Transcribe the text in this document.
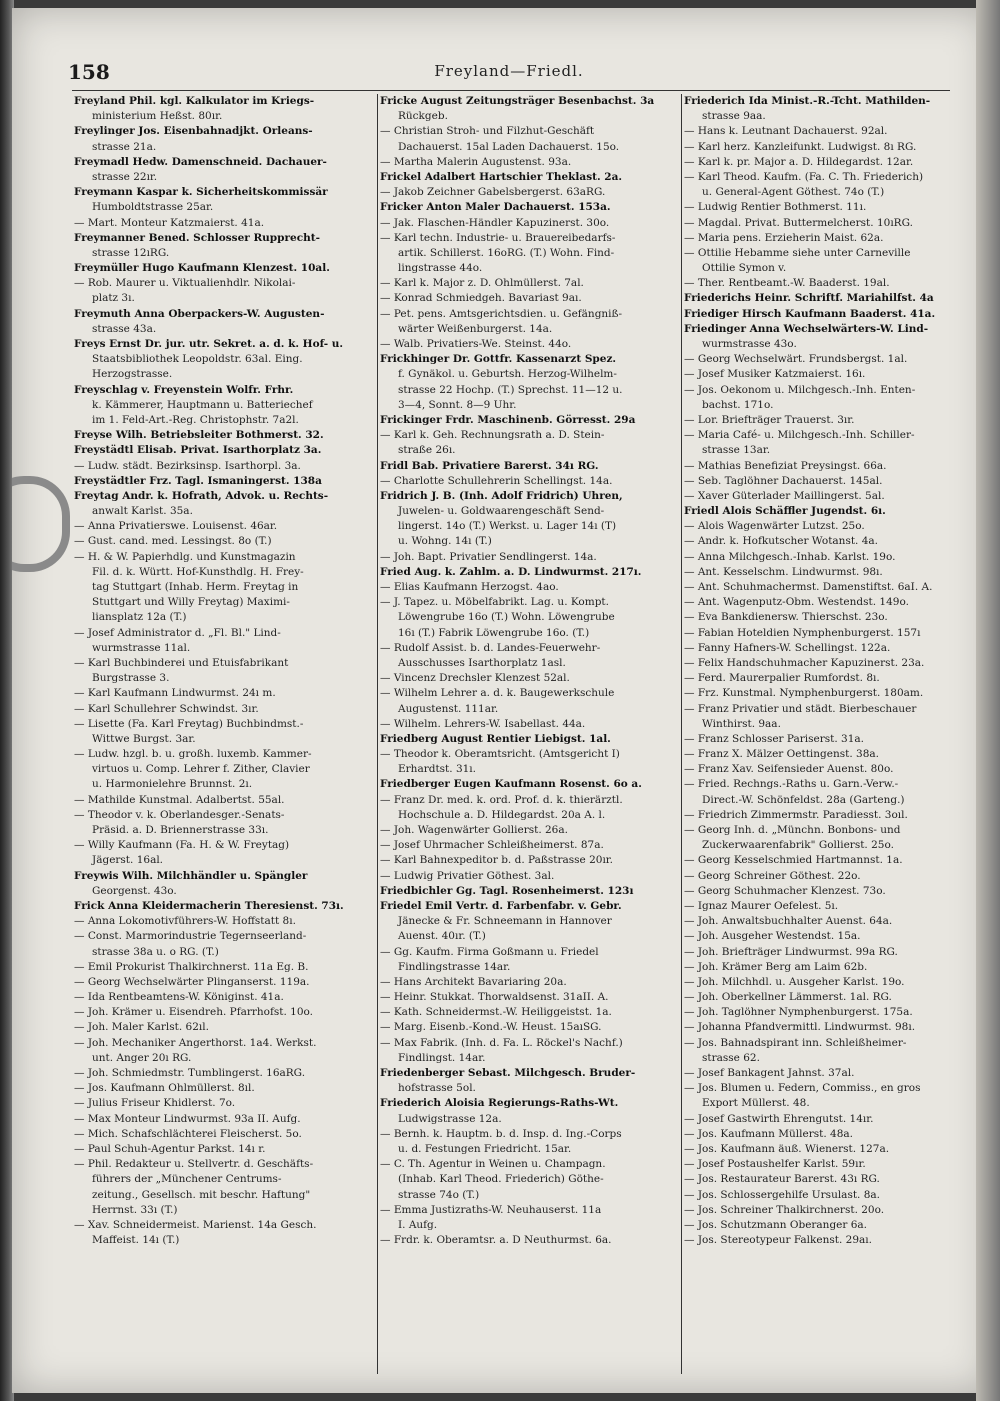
158	Freyland—Friedl.
Freyland Phil. kgl. Kalkulator im Kriegs-
ministerium Heßst. 80ır.
Freylinger Jos. Eisenbahnadjkt. Orleans-
strasse 21a.
Freymadl Hedw. Damenschneid. Dachauer-
strasse 22ır.
Freymann Kaspar k. Sicherheitskommissär
Humboldtstrasse 25ar.
— Mart. Monteur Katzmaierst. 41a.
Freymanner Bened. Schlosser Rupprecht-
strasse 12ıRG.
Freymüller Hugo Kaufmann Klenzest. 10al.
— Rob. Maurer u. Viktualienhdlr. Nikolai-
platz 3ı.
Freymuth Anna Oberpackers-W. Augusten-
strasse 43a.
Freys Ernst Dr. jur. utr. Sekret. a. d. k. Hof- u.
Staatsbibliothek Leopoldstr. 63al. Eing.
Herzogstrasse.
Freyschlag v. Freyenstein Wolfr. Frhr.
k. Kämmerer, Hauptmann u. Batteriechef
im 1. Feld-Art.-Reg. Christophstr. 7a2l.
Freyse Wilh. Betriebsleiter Bothmerst. 32.
Freystädtl Elisab. Privat. Isarthorplatz 3a.
— Ludw. städt. Bezirksinsp. Isarthorpl. 3a.
Freystädtler Frz. Tagl. Ismaningerst. 138a
Freytag Andr. k. Hofrath, Advok. u. Rechts-
anwalt Karlst. 35a.
— Anna Privatierswe. Louisenst. 46ar.
— Gust. cand. med. Lessingst. 8o (T.)
— H. & W. Papierhdlg. und Kunstmagazin
Fil. d. k. Württ. Hof-Kunsthdlg. H. Frey-
tag Stuttgart (Inhab. Herm. Freytag in
Stuttgart und Willy Freytag) Maximi-
liansplatz 12a (T.)
— Josef Administrator d. „Fl. Bl." Lind-
wurmstrasse 11al.
— Karl Buchbinderei und Etuisfabrikant
Burgstrasse 3.
— Karl Kaufmann Lindwurmst. 24ı m.
— Karl Schullehrer Schwindst. 3ır.
— Lisette (Fa. Karl Freytag) Buchbindmst.-
Wittwe Burgst. 3ar.
— Ludw. hzgl. b. u. großh. luxemb. Kammer-
virtuos u. Comp. Lehrer f. Zither, Clavier
u. Harmonielehre Brunnst. 2ı.
— Mathilde Kunstmal. Adalbertst. 55al.
— Theodor v. k. Oberlandesger.-Senats-
Präsid. a. D. Briennerstrasse 33ı.
— Willy Kaufmann (Fa. H. & W. Freytag)
Jägerst. 16al.
Freywis Wilh. Milchhändler u. Spängler
Georgenst. 43o.
Frick Anna Kleidermacherin Theresienst. 73ı.
— Anna Lokomotivführers-W. Hoffstatt 8ı.
— Const. Marmorindustrie Tegernseerland-
strasse 38a u. o RG. (T.)
— Emil Prokurist Thalkirchnerst. 11a Eg. B.
— Georg Wechselwärter Plinganserst. 119a.
— Ida Rentbeamtens-W. Königinst. 41a.
— Joh. Krämer u. Eisendreh. Pfarrhofst. 10o.
— Joh. Maler Karlst. 62ıl.
— Joh. Mechaniker Angerthorst. 1a4. Werkst.
unt. Anger 20ı RG.
— Joh. Schmiedmstr. Tumblingerst. 16aRG.
— Jos. Kaufmann Ohlmüllerst. 8ıl.
— Julius Friseur Khidlerst. 7o.
— Max Monteur Lindwurmst. 93a II. Aufg.
— Mich. Schafschlächterei Fleischerst. 5o.
— Paul Schuh-Agentur Parkst. 14ı r.
— Phil. Redakteur u. Stellvertr. d. Geschäfts-
führers der „Münchener Centrums-
zeitung., Gesellsch. mit beschr. Haftung"
Herrnst. 33ı (T.)
— Xav. Schneidermeist. Marienst. 14a Gesch.
Maffeist. 14ı (T.)
Fricke August Zeitungsträger Besenbachst. 3a
Rückgeb.
— Christian Stroh- und Filzhut-Geschäft
Dachauerst. 15al Laden Dachauerst. 15o.
— Martha Malerin Augustenst. 93a.
Frickel Adalbert Hartschier Theklast. 2a.
— Jakob Zeichner Gabelsbergerst. 63aRG.
Fricker Anton Maler Dachauerst. 153a.
— Jak. Flaschen-Händler Kapuzinerst. 30o.
— Karl techn. Industrie- u. Brauereibedarfs-
artik. Schillerst. 16oRG. (T.) Wohn. Find-
lingstrasse 44o.
— Karl k. Major z. D. Ohlmüllerst. 7al.
— Konrad Schmiedgeh. Bavariast 9aı.
— Pet. pens. Amtsgerichtsdien. u. Gefängniß-
wärter Weißenburgerst. 14a.
— Walb. Privatiers-We. Steinst. 44o.
Frickhinger Dr. Gottfr. Kassenarzt Spez.
f. Gynäkol. u. Geburtsh. Herzog-Wilhelm-
strasse 22 Hochp. (T.) Sprechst. 11—12 u.
3—4, Sonnt. 8—9 Uhr.
Frickinger Frdr. Maschinenb. Görresst. 29a
— Karl k. Geh. Rechnungsrath a. D. Stein-
straße 26ı.
Fridl Bab. Privatiere Barerst. 34ı RG.
— Charlotte Schullehrerin Schellingst. 14a.
Fridrich J. B. (Inh. Adolf Fridrich) Uhren,
Juwelen- u. Goldwaarengeschäft Send-
lingerst. 14o (T.) Werkst. u. Lager 14ı (T)
u. Wohng. 14ı (T.)
— Joh. Bapt. Privatier Sendlingerst. 14a.
Fried Aug. k. Zahlm. a. D. Lindwurmst. 217ı.
— Elias Kaufmann Herzogst. 4ao.
— J. Tapez. u. Möbelfabrikt. Lag. u. Kompt.
Löwengrube 16o (T.) Wohn. Löwengrube
16ı (T.) Fabrik Löwengrube 16o. (T.)
— Rudolf Assist. b. d. Landes-Feuerwehr-
Ausschusses Isarthorplatz 1asl.
— Vincenz Drechsler Klenzest 52al.
— Wilhelm Lehrer a. d. k. Baugewerkschule
Augustenst. 111ar.
— Wilhelm. Lehrers-W. Isabellast. 44a.
Friedberg August Rentier Liebigst. 1al.
— Theodor k. Oberamtsricht. (Amtsgericht I)
Erhardtst. 31ı.
Friedberger Eugen Kaufmann Rosenst. 6o a.
— Franz Dr. med. k. ord. Prof. d. k. thierärztl.
Hochschule a. D. Hildegardst. 20a A. l.
— Joh. Wagenwärter Gollierst. 26a.
— Josef Uhrmacher Schleißheimerst. 87a.
— Karl Bahnexpeditor b. d. Paßstrasse 20ır.
— Ludwig Privatier Göthest. 3al.
Friedbichler Gg. Tagl. Rosenheimerst. 123ı
Friedel Emil Vertr. d. Farbenfabr. v. Gebr.
Jänecke & Fr. Schneemann in Hannover
Auenst. 40ır. (T.)
— Gg. Kaufm. Firma Goßmann u. Friedel
Findlingstrasse 14ar.
— Hans Architekt Bavariaring 20a.
— Heinr. Stukkat. Thorwaldsenst. 31aII. A.
— Kath. Schneidermst.-W. Heiliggeistst. 1a.
— Marg. Eisenb.-Kond.-W. Heust. 15aıSG.
— Max Fabrik. (Inh. d. Fa. L. Röckel's Nachf.)
Findlingst. 14ar.
Friedenberger Sebast. Milchgesch. Bruder-
hofstrasse 5ol.
Friederich Aloisia Regierungs-Raths-Wt.
Ludwigstrasse 12a.
— Bernh. k. Hauptm. b. d. Insp. d. Ing.-Corps
u. d. Festungen Friedricht. 15ar.
— C. Th. Agentur in Weinen u. Champagn.
(Inhab. Karl Theod. Friederich) Göthe-
strasse 74o (T.)
— Emma Justizraths-W. Neuhauserst. 11a
I. Aufg.
— Frdr. k. Oberamtsr. a. D Neuthurmst. 6a.
Friederich Ida Minist.-R.-Tcht. Mathilden-
strasse 9aa.
— Hans k. Leutnant Dachauerst. 92al.
— Karl herz. Kanzleifunkt. Ludwigst. 8ı RG.
— Karl k. pr. Major a. D. Hildegardst. 12ar.
— Karl Theod. Kaufm. (Fa. C. Th. Friederich)
u. General-Agent Göthest. 74o (T.)
— Ludwig Rentier Bothmerst. 11ı.
— Magdal. Privat. Buttermelcherst. 10ıRG.
— Maria pens. Erzieherin Maist. 62a.
— Ottilie Hebamme siehe unter Carneville
Ottilie Symon v.
— Ther. Rentbeamt.-W. Baaderst. 19al.
Friederichs Heinr. Schriftf. Mariahilfst. 4a
Friediger Hirsch Kaufmann Baaderst. 41a.
Friedinger Anna Wechselwärters-W. Lind-
wurmstrasse 43o.
— Georg Wechselwärt. Frundsbergst. 1al.
— Josef Musiker Katzmaierst. 16ı.
— Jos. Oekonom u. Milchgesch.-Inh. Enten-
bachst. 171o.
— Lor. Briefträger Trauerst. 3ır.
— Maria Café- u. Milchgesch.-Inh. Schiller-
strasse 13ar.
— Mathias Benefiziat Preysingst. 66a.
— Seb. Taglöhner Dachauerst. 145al.
— Xaver Güterlader Maillingerst. 5al.
Friedl Alois Schäffler Jugendst. 6ı.
— Alois Wagenwärter Lutzst. 25o.
— Andr. k. Hofkutscher Wotanst. 4a.
— Anna Milchgesch.-Inhab. Karlst. 19o.
— Ant. Kesselschm. Lindwurmst. 98ı.
— Ant. Schuhmachermst. Damenstiftst. 6aI. A.
— Ant. Wagenputz-Obm. Westendst. 149o.
— Eva Bankdienersw. Thierschst. 23o.
— Fabian Hoteldien Nymphenburgerst. 157ı
— Fanny Hafners-W. Schellingst. 122a.
— Felix Handschuhmacher Kapuzinerst. 23a.
— Ferd. Maurerpalier Rumfordst. 8ı.
— Frz. Kunstmal. Nymphenburgerst. 180am.
— Franz Privatier und städt. Bierbeschauer
Winthirst. 9aa.
— Franz Schlosser Pariserst. 31a.
— Franz X. Mälzer Oettingenst. 38a.
— Franz Xav. Seifensieder Auenst. 80o.
— Fried. Rechngs.-Raths u. Garn.-Verw.-
Direct.-W. Schönfeldst. 28a (Garteng.)
— Friedrich Zimmermstr. Paradiesst. 3oıl.
— Georg Inh. d. „Münchn. Bonbons- und
Zuckerwaarenfabrik" Gollierst. 25o.
— Georg Kesselschmied Hartmannst. 1a.
— Georg Schreiner Göthest. 22o.
— Georg Schuhmacher Klenzest. 73o.
— Ignaz Maurer Oefelest. 5ı.
— Joh. Anwaltsbuchhalter Auenst. 64a.
— Joh. Ausgeher Westendst. 15a.
— Joh. Briefträger Lindwurmst. 99a RG.
— Joh. Krämer Berg am Laim 62b.
— Joh. Milchhdl. u. Ausgeher Karlst. 19o.
— Joh. Oberkellner Lämmerst. 1al. RG.
— Joh. Taglöhner Nymphenburgerst. 175a.
— Johanna Pfandvermittl. Lindwurmst. 98ı.
— Jos. Bahnadspirant inn. Schleißheimer-
strasse 62.
— Josef Bankagent Jahnst. 37al.
— Jos. Blumen u. Federn, Commiss., en gros
Export Müllerst. 48.
— Josef Gastwirth Ehrengutst. 14ır.
— Jos. Kaufmann Müllerst. 48a.
— Jos. Kaufmann äuß. Wienerst. 127a.
— Josef Postaushelfer Karlst. 59ır.
— Jos. Restaurateur Barerst. 43ı RG.
— Jos. Schlossergehilfe Ursulast. 8a.
— Jos. Schreiner Thalkirchnerst. 20o.
— Jos. Schutzmann Oberanger 6a.
— Jos. Stereotypeur Falkenst. 29aı.
